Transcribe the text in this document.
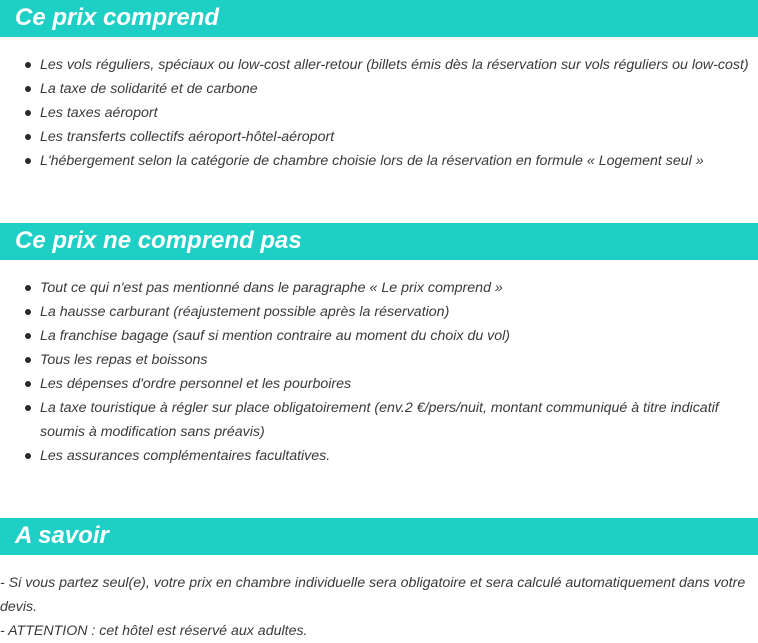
Ce prix comprend
Les vols réguliers, spéciaux ou low-cost aller-retour (billets émis dès la réservation sur vols réguliers ou low-cost)
La taxe de solidarité et de carbone
Les taxes aéroport
Les transferts collectifs aéroport-hôtel-aéroport
L'hébergement selon la catégorie de chambre choisie lors de la réservation en formule « Logement seul »
Ce prix ne comprend pas
Tout ce qui n'est pas mentionné dans le paragraphe « Le prix comprend »
La hausse carburant (réajustement possible après la réservation)
La franchise bagage (sauf si mention contraire au moment du choix du vol)
Tous les repas et boissons
Les dépenses d'ordre personnel et les pourboires
La taxe touristique à régler sur place obligatoirement (env.2 €/pers/nuit, montant communiqué à titre indicatif soumis à modification sans préavis)
Les assurances complémentaires facultatives.
A savoir
- Si vous partez seul(e), votre prix en chambre individuelle sera obligatoire et sera calculé automatiquement dans votre devis.
- ATTENTION : cet hôtel est réservé aux adultes.
